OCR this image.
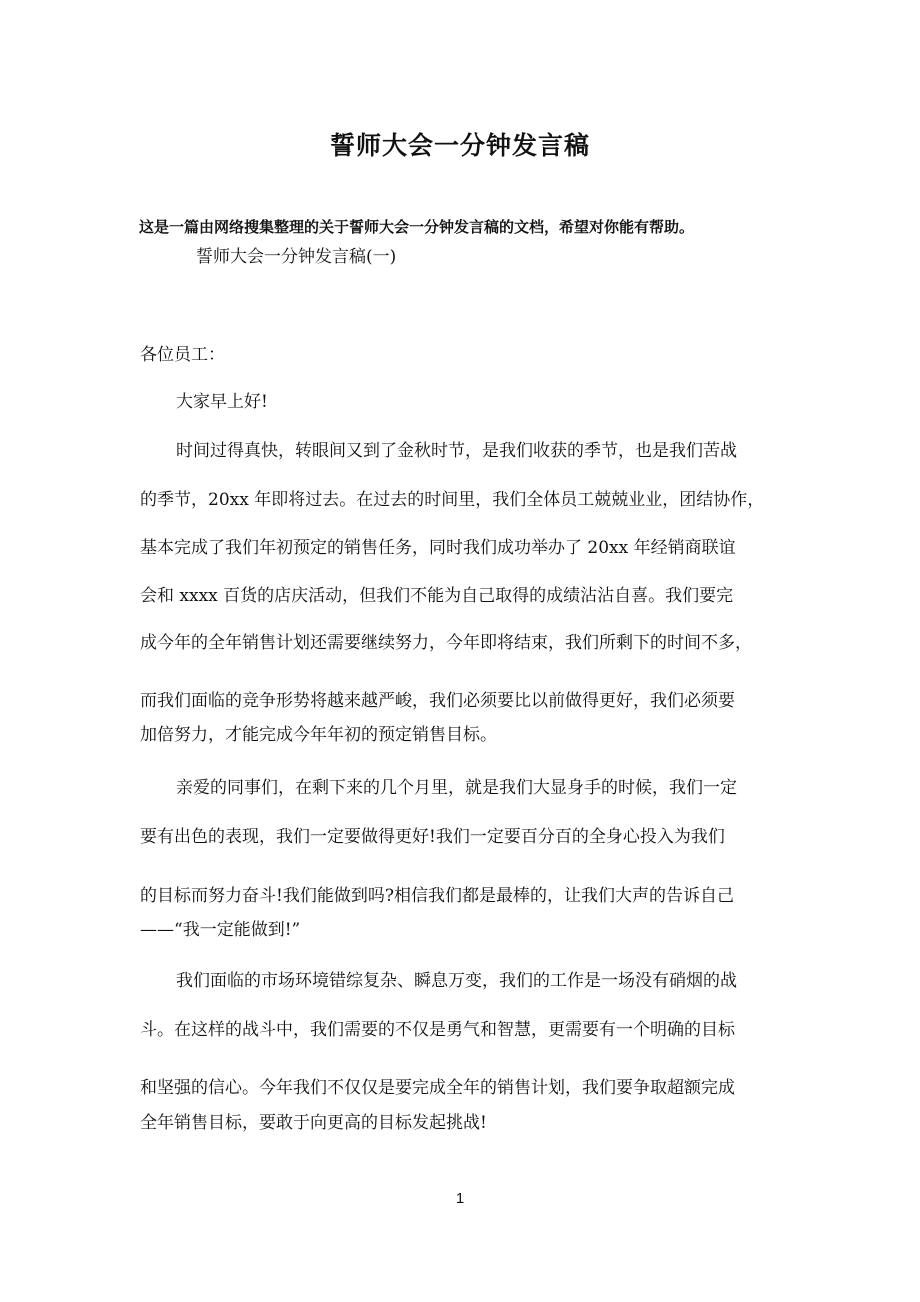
誓师大会一分钟发言稿
这是一篇由网络搜集整理的关于誓师大会一分钟发言稿的文档，希望对你能有帮助。
誓师大会一分钟发言稿(一)
各位员工：
大家早上好!
时间过得真快，转眼间又到了金秋时节，是我们收获的季节，也是我们苦战
的季节，20xx 年即将过去。在过去的时间里，我们全体员工兢兢业业，团结协作，
基本完成了我们年初预定的销售任务，同时我们成功举办了 20xx 年经销商联谊
会和 xxxx 百货的店庆活动，但我们不能为自己取得的成绩沾沾自喜。我们要完
成今年的全年销售计划还需要继续努力，今年即将结束，我们所剩下的时间不多，
而我们面临的竞争形势将越来越严峻，我们必须要比以前做得更好，我们必须要
加倍努力，才能完成今年年初的预定销售目标。
亲爱的同事们，在剩下来的几个月里，就是我们大显身手的时候，我们一定
要有出色的表现，我们一定要做得更好!我们一定要百分百的全身心投入为我们
的目标而努力奋斗!我们能做到吗?相信我们都是最棒的，让我们大声的告诉自己
——“我一定能做到!”
我们面临的市场环境错综复杂、瞬息万变，我们的工作是一场没有硝烟的战
斗。在这样的战斗中，我们需要的不仅是勇气和智慧，更需要有一个明确的目标
和坚强的信心。今年我们不仅仅是要完成全年的销售计划，我们要争取超额完成
全年销售目标，要敢于向更高的目标发起挑战!
1
